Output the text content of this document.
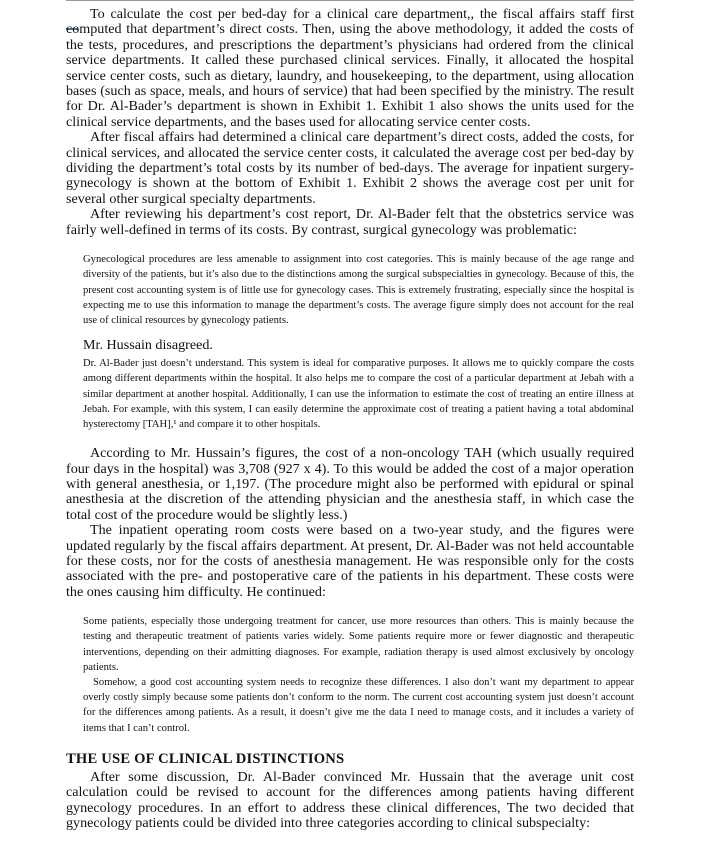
To calculate the cost per bed-day for a clinical care department,, the fiscal affairs staff first computed that department’s direct costs. Then, using the above methodology, it added the costs of the tests, procedures, and prescriptions the department’s physicians had ordered from the clinical service departments. It called these purchased clinical services. Finally, it allocated the hospital service center costs, such as dietary, laundry, and housekeeping, to the department, using allocation bases (such as space, meals, and hours of service) that had been specified by the ministry. The result for Dr. Al-Bader’s department is shown in Exhibit 1. Exhibit 1 also shows the units used for the clinical service departments, and the bases used for allocating service center costs.

After fiscal affairs had determined a clinical care department’s direct costs, added the costs, for clinical services, and allocated the service center costs, it calculated the average cost per bed-day by dividing the department’s total costs by its number of bed-days. The average for inpatient surgery-gynecology is shown at the bottom of Exhibit 1. Exhibit 2 shows the average cost per unit for several other surgical specialty departments.

After reviewing his department’s cost report, Dr. Al-Bader felt that the obstetrics service was fairly well-defined in terms of its costs. By contrast, surgical gynecology was problematic:

Gynecological procedures are less amenable to assignment into cost categories. This is mainly because of the age range and diversity of the patients, but it’s also due to the distinctions among the surgical subspecialties in gynecology. Because of this, the present cost accounting system is of little use for gynecology cases. This is extremely frustrating, especially since the hospital is expecting me to use this information to manage the department’s costs. The average figure simply does not account for the real use of clinical resources by gynecology patients.

Mr. Hussain disagreed.

Dr. Al-Bader just doesn’t understand. This system is ideal for comparative purposes. It allows me to quickly compare the costs among different departments within the hospital. It also helps me to compare the cost of a particular department at Jebah with a similar department at another hospital. Additionally, I can use the information to estimate the cost of treating an entire illness at Jebah. For example, with this system, I can easily determine the approximate cost of treating a patient having a total abdominal hysterectomy [TAH],¹ and compare it to other hospitals.

According to Mr. Hussain’s figures, the cost of a non-oncology TAH (which usually required four days in the hospital) was 3,708 (927 x 4). To this would be added the cost of a major operation with general anesthesia, or 1,197. (The procedure might also be performed with epidural or spinal anesthesia at the discretion of the attending physician and the anesthesia staff, in which case the total cost of the procedure would be slightly less.)

The inpatient operating room costs were based on a two-year study, and the figures were updated regularly by the fiscal affairs department. At present, Dr. Al-Bader was not held accountable for these costs, nor for the costs of anesthesia management. He was responsible only for the costs associated with the pre- and postoperative care of the patients in his department. These costs were the ones causing him difficulty. He continued:

Some patients, especially those undergoing treatment for cancer, use more resources than others. This is mainly because the testing and therapeutic treatment of patients varies widely. Some patients require more or fewer diagnostic and therapeutic interventions, depending on their admitting diagnoses. For example, radiation therapy is used almost exclusively by oncology patients.

Somehow, a good cost accounting system needs to recognize these differences. I also don’t want my department to appear overly costly simply because some patients don’t conform to the norm. The current cost accounting system just doesn’t account for the differences among patients. As a result, it doesn’t give me the data I need to manage costs, and it includes a variety of items that I can’t control.

THE USE OF CLINICAL DISTINCTIONS

After some discussion, Dr. Al-Bader convinced Mr. Hussain that the average unit cost calculation could be revised to account for the differences among patients having different gynecology procedures. In an effort to address these clinical differences, The two decided that gynecology patients could be divided into three categories according to clinical subspecialty:
